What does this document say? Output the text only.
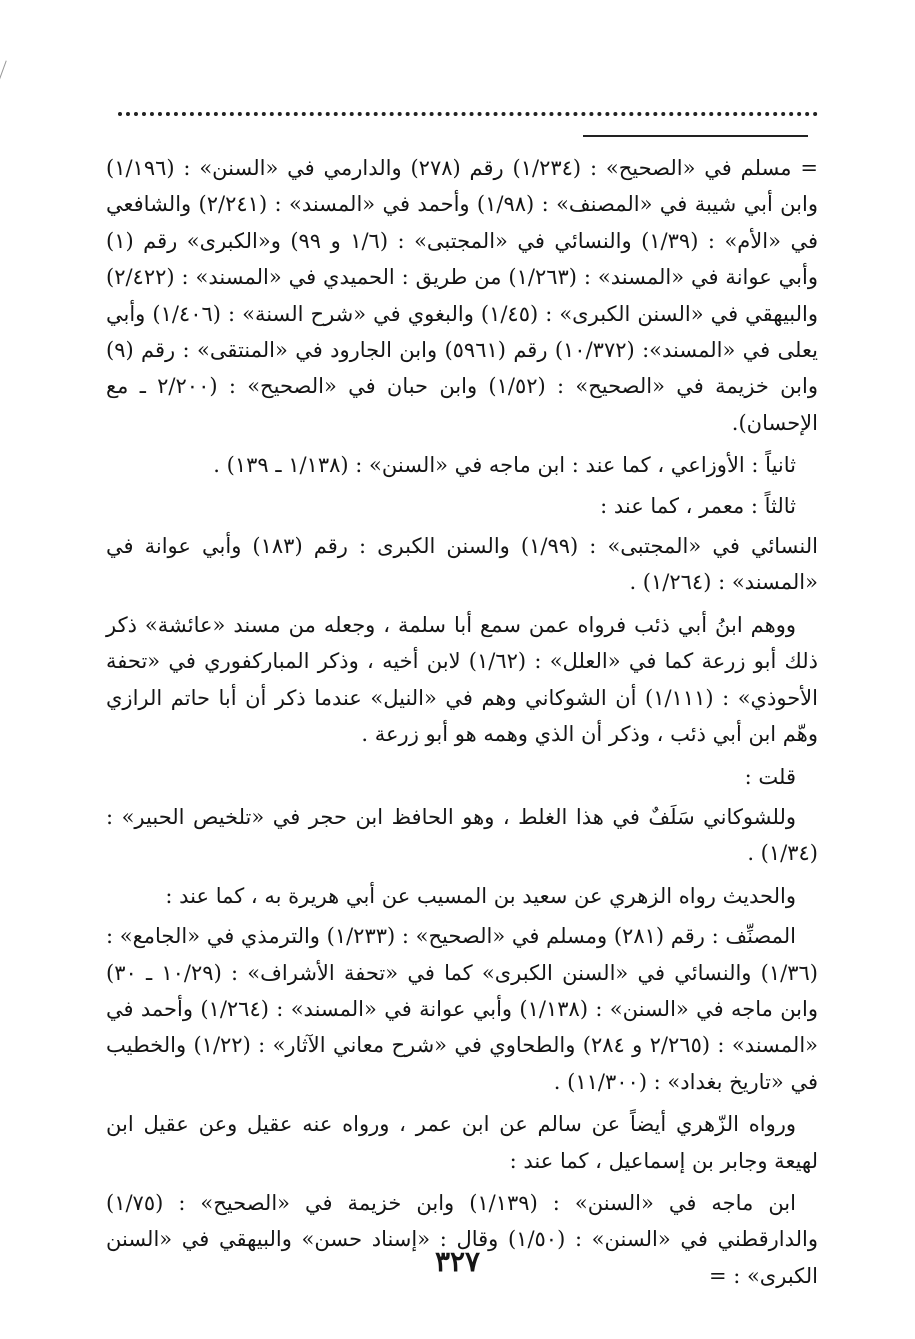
= مسلم في «الصحيح» : (١/٢٣٤) رقم (٢٧٨) والدارمي في «السنن» : (١/١٩٦) وابن أبي شيبة في «المصنف» : (١/٩٨) وأحمد في «المسند» : (٢/٢٤١) والشافعي في «الأم» : (١/٣٩) والنسائي في «المجتبى» : (١/٦ و ٩٩) و«الكبرى» رقم (١) وأبي عوانة في «المسند» : (١/٢٦٣) من طريق : الحميدي في «المسند» : (٢/٤٢٢) والبيهقي في «السنن الكبرى» : (١/٤٥) والبغوي في «شرح السنة» : (١/٤٠٦) وأبي يعلى في «المسند»: (١٠/٣٧٢) رقم (٥٩٦١) وابن الجارود في «المنتقى» : رقم (٩) وابن خزيمة في «الصحيح» : (١/٥٢) وابن حبان في «الصحيح» : (٢/٢٠٠ ـ مع الإحسان).

ثانياً : الأوزاعي ، كما عند : ابن ماجه في «السنن» : (١/١٣٨ ـ ١٣٩) .

ثالثاً : معمر ، كما عند :

النسائي في «المجتبى» : (١/٩٩) والسنن الكبرى : رقم (١٨٣) وأبي عوانة في «المسند» : (١/٢٦٤) .

ووهم ابنُ أبي ذئب فرواه عمن سمع أبا سلمة ، وجعله من مسند «عائشة» ذكر ذلك أبو زرعة كما في «العلل» : (١/٦٢) لابن أخيه ، وذكر المباركفوري في «تحفة الأحوذي» : (١/١١١) أن الشوكاني وهم في «النيل» عندما ذكر أن أبا حاتم الرازي وهّم ابن أبي ذئب ، وذكر أن الذي وهمه هو أبو زرعة .

قلت :

وللشوكاني سَلَفٌ في هذا الغلط ، وهو الحافظ ابن حجر في «تلخيص الحبير» : (١/٣٤) .

والحديث رواه الزهري عن سعيد بن المسيب عن أبي هريرة به ، كما عند :

المصنِّف : رقم (٢٨١) ومسلم في «الصحيح» : (١/٢٣٣) والترمذي في «الجامع» : (١/٣٦) والنسائي في «السنن الكبرى» كما في «تحفة الأشراف» : (١٠/٢٩ ـ ٣٠) وابن ماجه في «السنن» : (١/١٣٨) وأبي عوانة في «المسند» : (١/٢٦٤) وأحمد في «المسند» : (٢/٢٦٥ و ٢٨٤) والطحاوي في «شرح معاني الآثار» : (١/٢٢) والخطيب في «تاريخ بغداد» : (١١/٣٠٠) .

ورواه الزّهري أيضاً عن سالم عن ابن عمر ، ورواه عنه عقيل وعن عقيل ابن لهيعة وجابر بن إسماعيل ، كما عند :

ابن ماجه في «السنن» : (١/١٣٩) وابن خزيمة في «الصحيح» : (١/٧٥) والدارقطني في «السنن» : (١/٥٠) وقال : «إسناد حسن» والبيهقي في «السنن الكبرى» : =

٣٢٧
